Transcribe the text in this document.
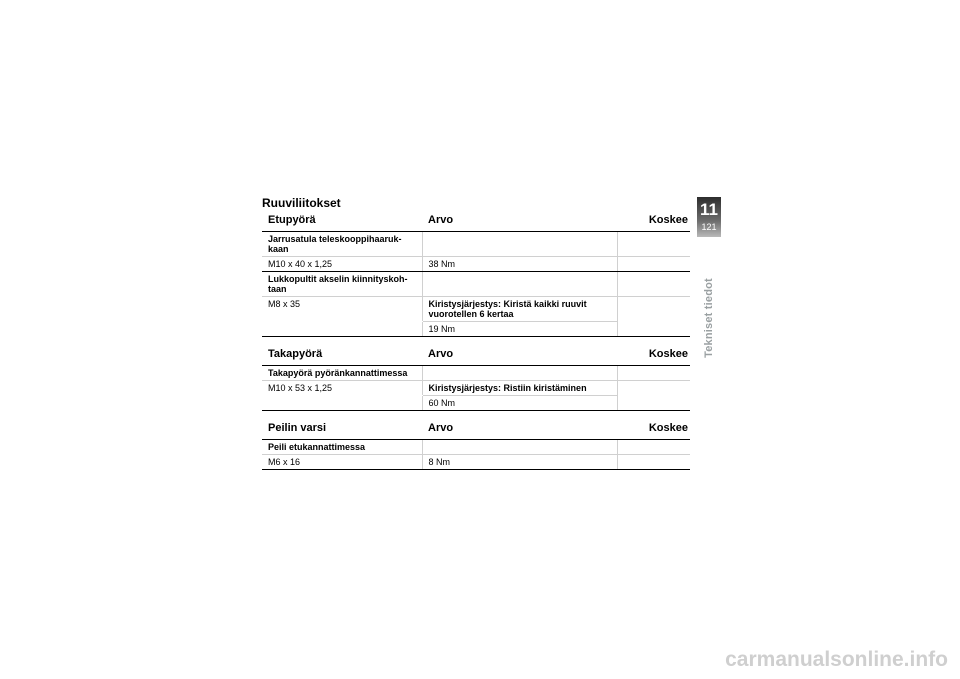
Ruuviliitokset
Etupyörä	Arvo	Koskee
Jarrusatula teleskooppihaaruk-kaan		
M10 x 40 x 1,25	38 Nm	
Lukkopultit akselin kiinnityskoh-taan		
M8 x 35	Kiristysjärjestys: Kiristä kaikki ruuvit vuorotellen 6 kertaa	
	19 Nm	
Takapyörä	Arvo	Koskee
Takapyörä pyöränkannattimessa		
M10 x 53 x 1,25	Kiristysjärjestys: Ristiin kiristäminen	
	60 Nm	
Peilin varsi	Arvo	Koskee
Peili etukannattimessa		
M6 x 16	8 Nm	
11
121
Tekniset tiedot
carmanualsonline.info
